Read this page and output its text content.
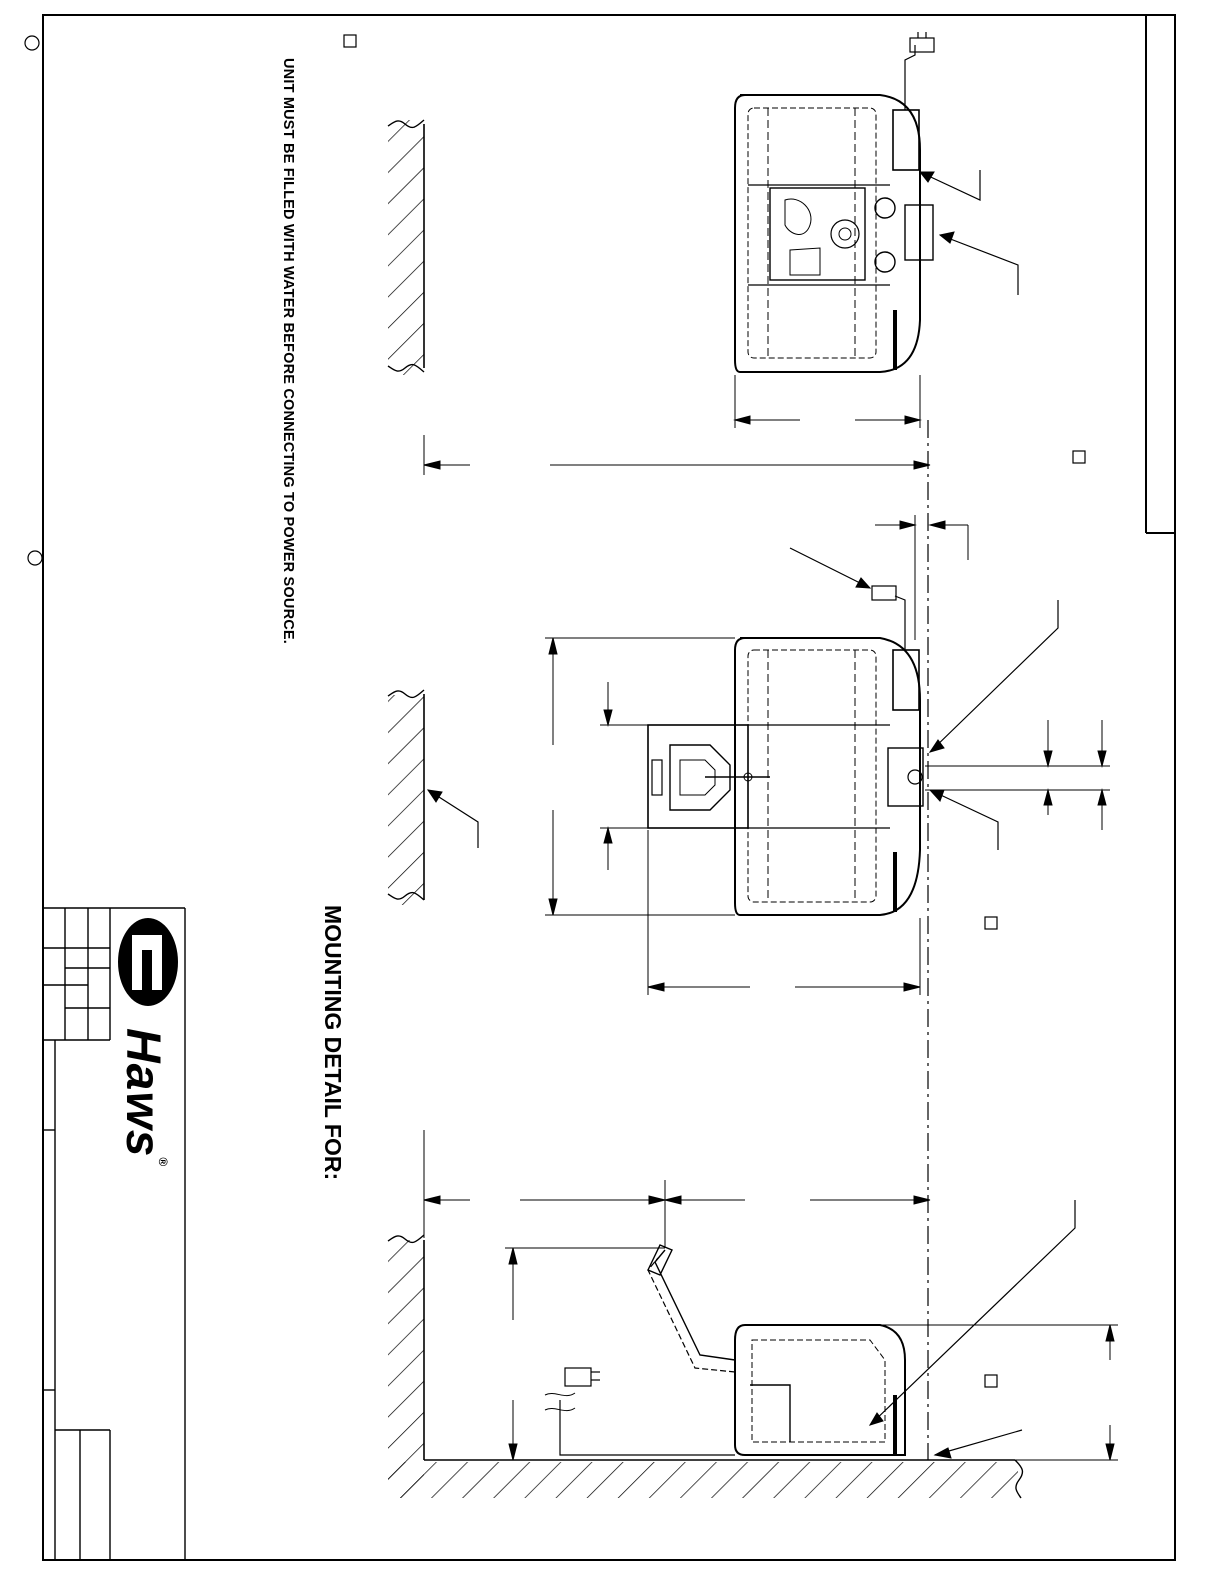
UNIT MUST BE FILLED WITH WATER BEFORE CONNECTING TO POWER SOURCE.
MOUNTING DETAIL FOR:
Haws®
